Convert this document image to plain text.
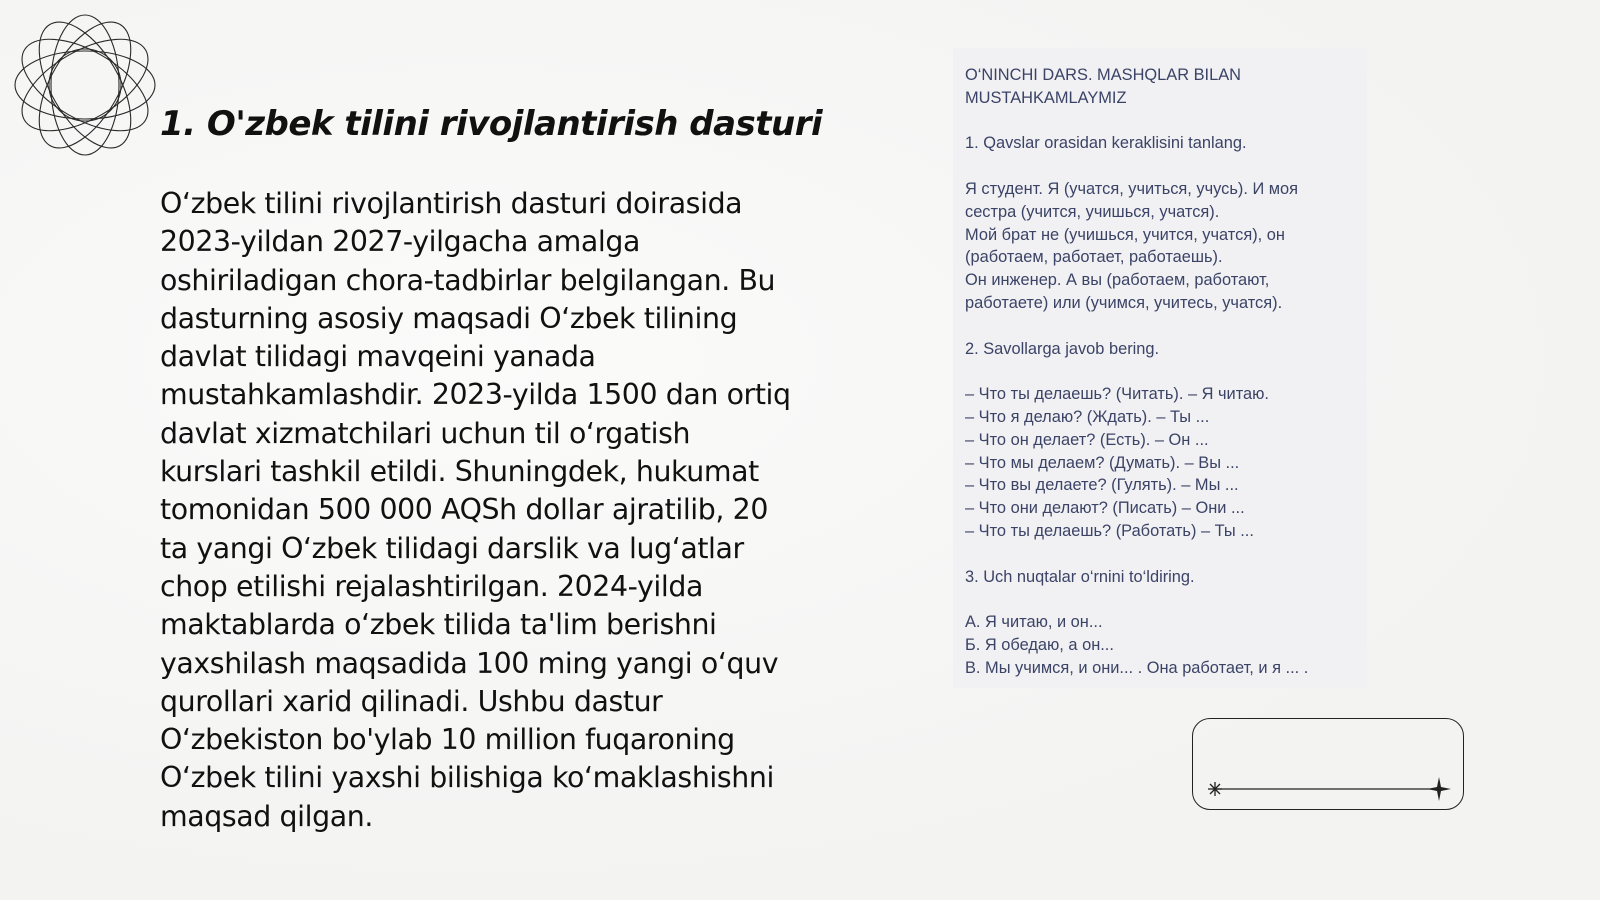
1. O'zbek tilini rivojlantirish dasturi

O‘zbek tilini rivojlantirish dasturi doirasida
2023-yildan 2027-yilgacha amalga
oshiriladigan chora-tadbirlar belgilangan. Bu
dasturning asosiy maqsadi O‘zbek tilining
davlat tilidagi mavqeini yanada
mustahkamlashdir. 2023-yilda 1500 dan ortiq
davlat xizmatchilari uchun til o‘rgatish
kurslari tashkil etildi. Shuningdek, hukumat
tomonidan 500 000 AQSh dollar ajratilib, 20
ta yangi O‘zbek tilidagi darslik va lug‘atlar
chop etilishi rejalashtirilgan. 2024-yilda
maktablarda o‘zbek tilida ta'lim berishni
yaxshilash maqsadida 100 ming yangi o‘quv
qurollari xarid qilinadi. Ushbu dastur
O‘zbekiston bo'ylab 10 million fuqaroning
O‘zbek tilini yaxshi bilishiga ko‘maklashishni
maqsad qilgan.

O‘NINCHI DARS. MASHQLAR BILAN
MUSTAHKAMLAYMIZ
1. Qavslar orasidan keraklisini tanlang.
Я студент. Я (учатся, учиться, учусь). И моя
сестра (учится, учишься, учатся).
Мой брат не (учишься, учится, учатся), он
(работаем, работает, работаешь).
Он инженер. А вы (работаем, работают,
работаете) или (учимся, учитесь, учатся).
2. Savollarga javob bering.
– Что ты делаешь? (Читать). – Я читаю.
– Что я делаю? (Ждать). – Ты ...
– Что он делает? (Есть). – Он ...
– Что мы делаем? (Думать). – Вы ...
– Что вы делаете? (Гулять). – Мы ...
– Что они делают? (Писать) – Они ...
– Что ты делаешь? (Работать) – Ты ...
3. Uch nuqtalar o‘rnini to‘ldiring.
А. Я читаю, и он...
Б. Я обедаю, а он...
В. Мы учимся, и они... . Она работает, и я ... .
